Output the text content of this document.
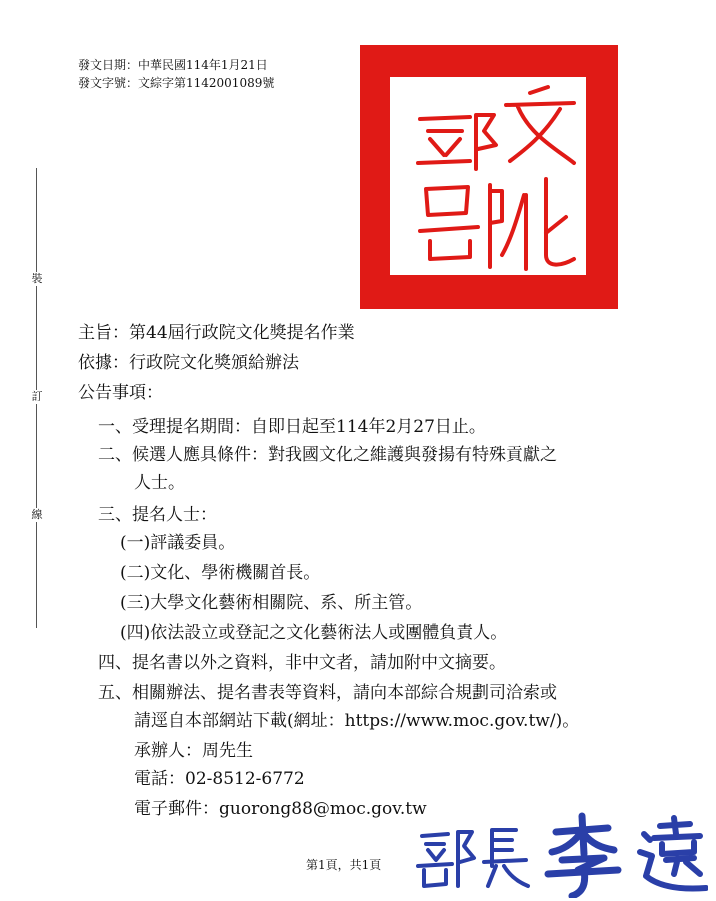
發文日期：中華民國114年1月21日
發文字號：文綜字第1142001089號
裝
訂
線
主旨：第44屆行政院文化獎提名作業
依據：行政院文化獎頒給辦法
公告事項：
一、受理提名期間：自即日起至114年2月27日止。
二、候選人應具條件：對我國文化之維護與發揚有特殊貢獻之
人士。
三、提名人士：
(一)評議委員。
(二)文化、學術機關首長。
(三)大學文化藝術相關院、系、所主管。
(四)依法設立或登記之文化藝術法人或團體負責人。
四、提名書以外之資料，非中文者，請加附中文摘要。
五、相關辦法、提名書表等資料，請向本部綜合規劃司洽索或
請逕自本部網站下載(網址：https://www.moc.gov.tw/)。
承辦人：周先生
電話：02-8512-6772
電子郵件：guorong88@moc.gov.tw
第1頁，共1頁
